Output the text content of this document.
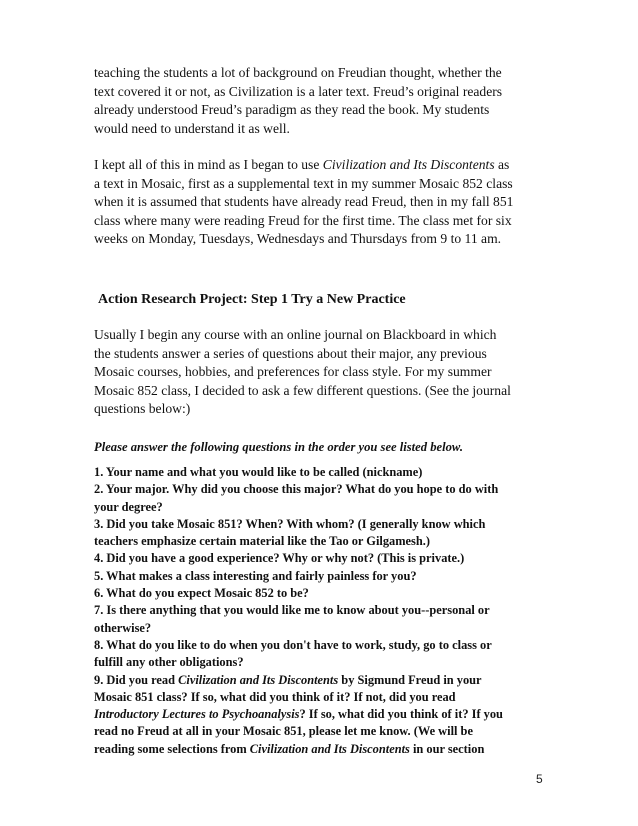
teaching the students a lot of background on Freudian thought, whether the
text covered it or not, as Civilization is a later text. Freud’s original readers
already understood Freud’s paradigm as they read the book. My students
would need to understand it as well.

I kept all of this in mind as I began to use Civilization and Its Discontents as
a text in Mosaic, first as a supplemental text in my summer Mosaic 852 class
when it is assumed that students have already read Freud, then in my fall 851
class where many were reading Freud for the first time. The class met for six
weeks on Monday, Tuesdays, Wednesdays and Thursdays from 9 to 11 am.

Action Research Project: Step 1 Try a New Practice

Usually I begin any course with an online journal on Blackboard in which
the students answer a series of questions about their major, any previous
Mosaic courses, hobbies, and preferences for class style. For my summer
Mosaic 852 class, I decided to ask a few different questions. (See the journal
questions below:)

Please answer the following questions in the order you see listed below.

1. Your name and what you would like to be called (nickname)
2. Your major. Why did you choose this major? What do you hope to do with
your degree?
3. Did you take Mosaic 851? When? With whom? (I generally know which
teachers emphasize certain material like the Tao or Gilgamesh.)
4. Did you have a good experience? Why or why not? (This is private.)
5. What makes a class interesting and fairly painless for you?
6. What do you expect Mosaic 852 to be?
7. Is there anything that you would like me to know about you--personal or
otherwise?
8. What do you like to do when you don't have to work, study, go to class or
fulfill any other obligations?
9. Did you read Civilization and Its Discontents by Sigmund Freud in your
Mosaic 851 class? If so, what did you think of it? If not, did you read
Introductory Lectures to Psychoanalysis? If so, what did you think of it? If you
read no Freud at all in your Mosaic 851, please let me know. (We will be
reading some selections from Civilization and Its Discontents in our section
5
